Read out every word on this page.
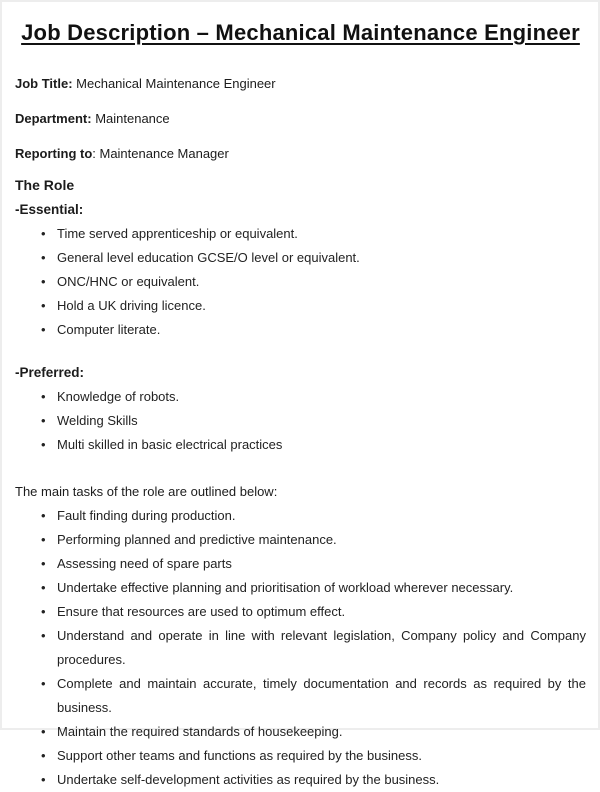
Job Description – Mechanical Maintenance Engineer
Job Title: Mechanical Maintenance Engineer
Department: Maintenance
Reporting to: Maintenance Manager
The Role
-Essential:
• Time served apprenticeship or equivalent.
• General level education GCSE/O level or equivalent.
• ONC/HNC or equivalent.
• Hold a UK driving licence.
• Computer literate.
-Preferred:
• Knowledge of robots.
• Welding Skills
• Multi skilled in basic electrical practices

The main tasks of the role are outlined below:

• Fault finding during production.
• Performing planned and predictive maintenance.
• Assessing need of spare parts
• Undertake effective planning and prioritisation of workload wherever necessary.
• Ensure that resources are used to optimum effect.
• Understand and operate in line with relevant legislation, Company policy and Company procedures.
• Complete and maintain accurate, timely documentation and records as required by the business.
• Maintain the required standards of housekeeping.
• Support other teams and functions as required by the business.
• Undertake self-development activities as required by the business.
